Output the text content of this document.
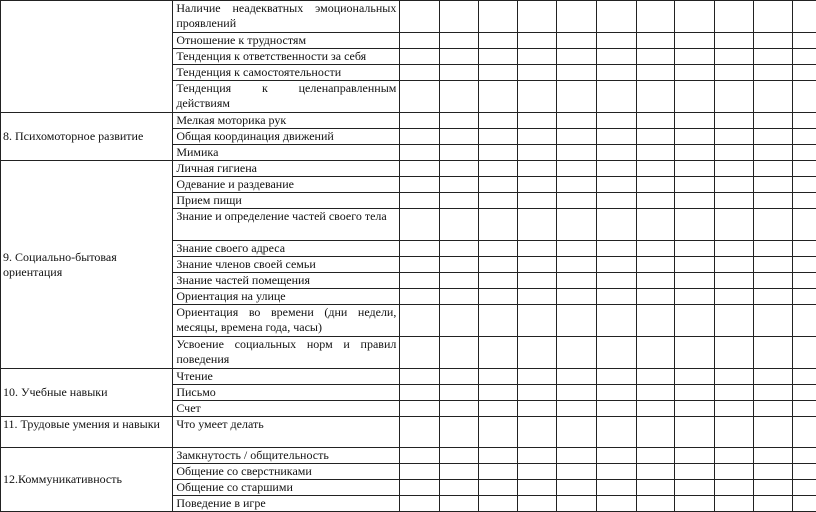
	Наличие неадекватных эмоциональных проявлений											
	Отношение к трудностям											
	Тенденция к ответственности за себя											
	Тенденция к самостоятельности											
	Тенденция к целенаправленным действиям											
8. Психомоторное развитие	Мелкая моторика рук											
	Общая координация движений											
	Мимика											
9. Социально-бытовая ориентация	Личная гигиена											
	Одевание и раздевание											
	Прием пищи											
	Знание и определение частей своего тела											
	Знание своего адреса											
	Знание членов своей семьи											
	Знание частей помещения											
	Ориентация на улице											
	Ориентация во времени (дни недели, месяцы, времена года, часы)											
	Усвоение социальных норм и правил поведения											
10. Учебные навыки	Чтение											
	Письмо											
	Счет											
11. Трудовые умения и навыки	Что умеет делать											
12.Коммуникативность	Замкнутость / общительность											
	Общение со сверстниками											
	Общение со старшими											
	Поведение в игре											
